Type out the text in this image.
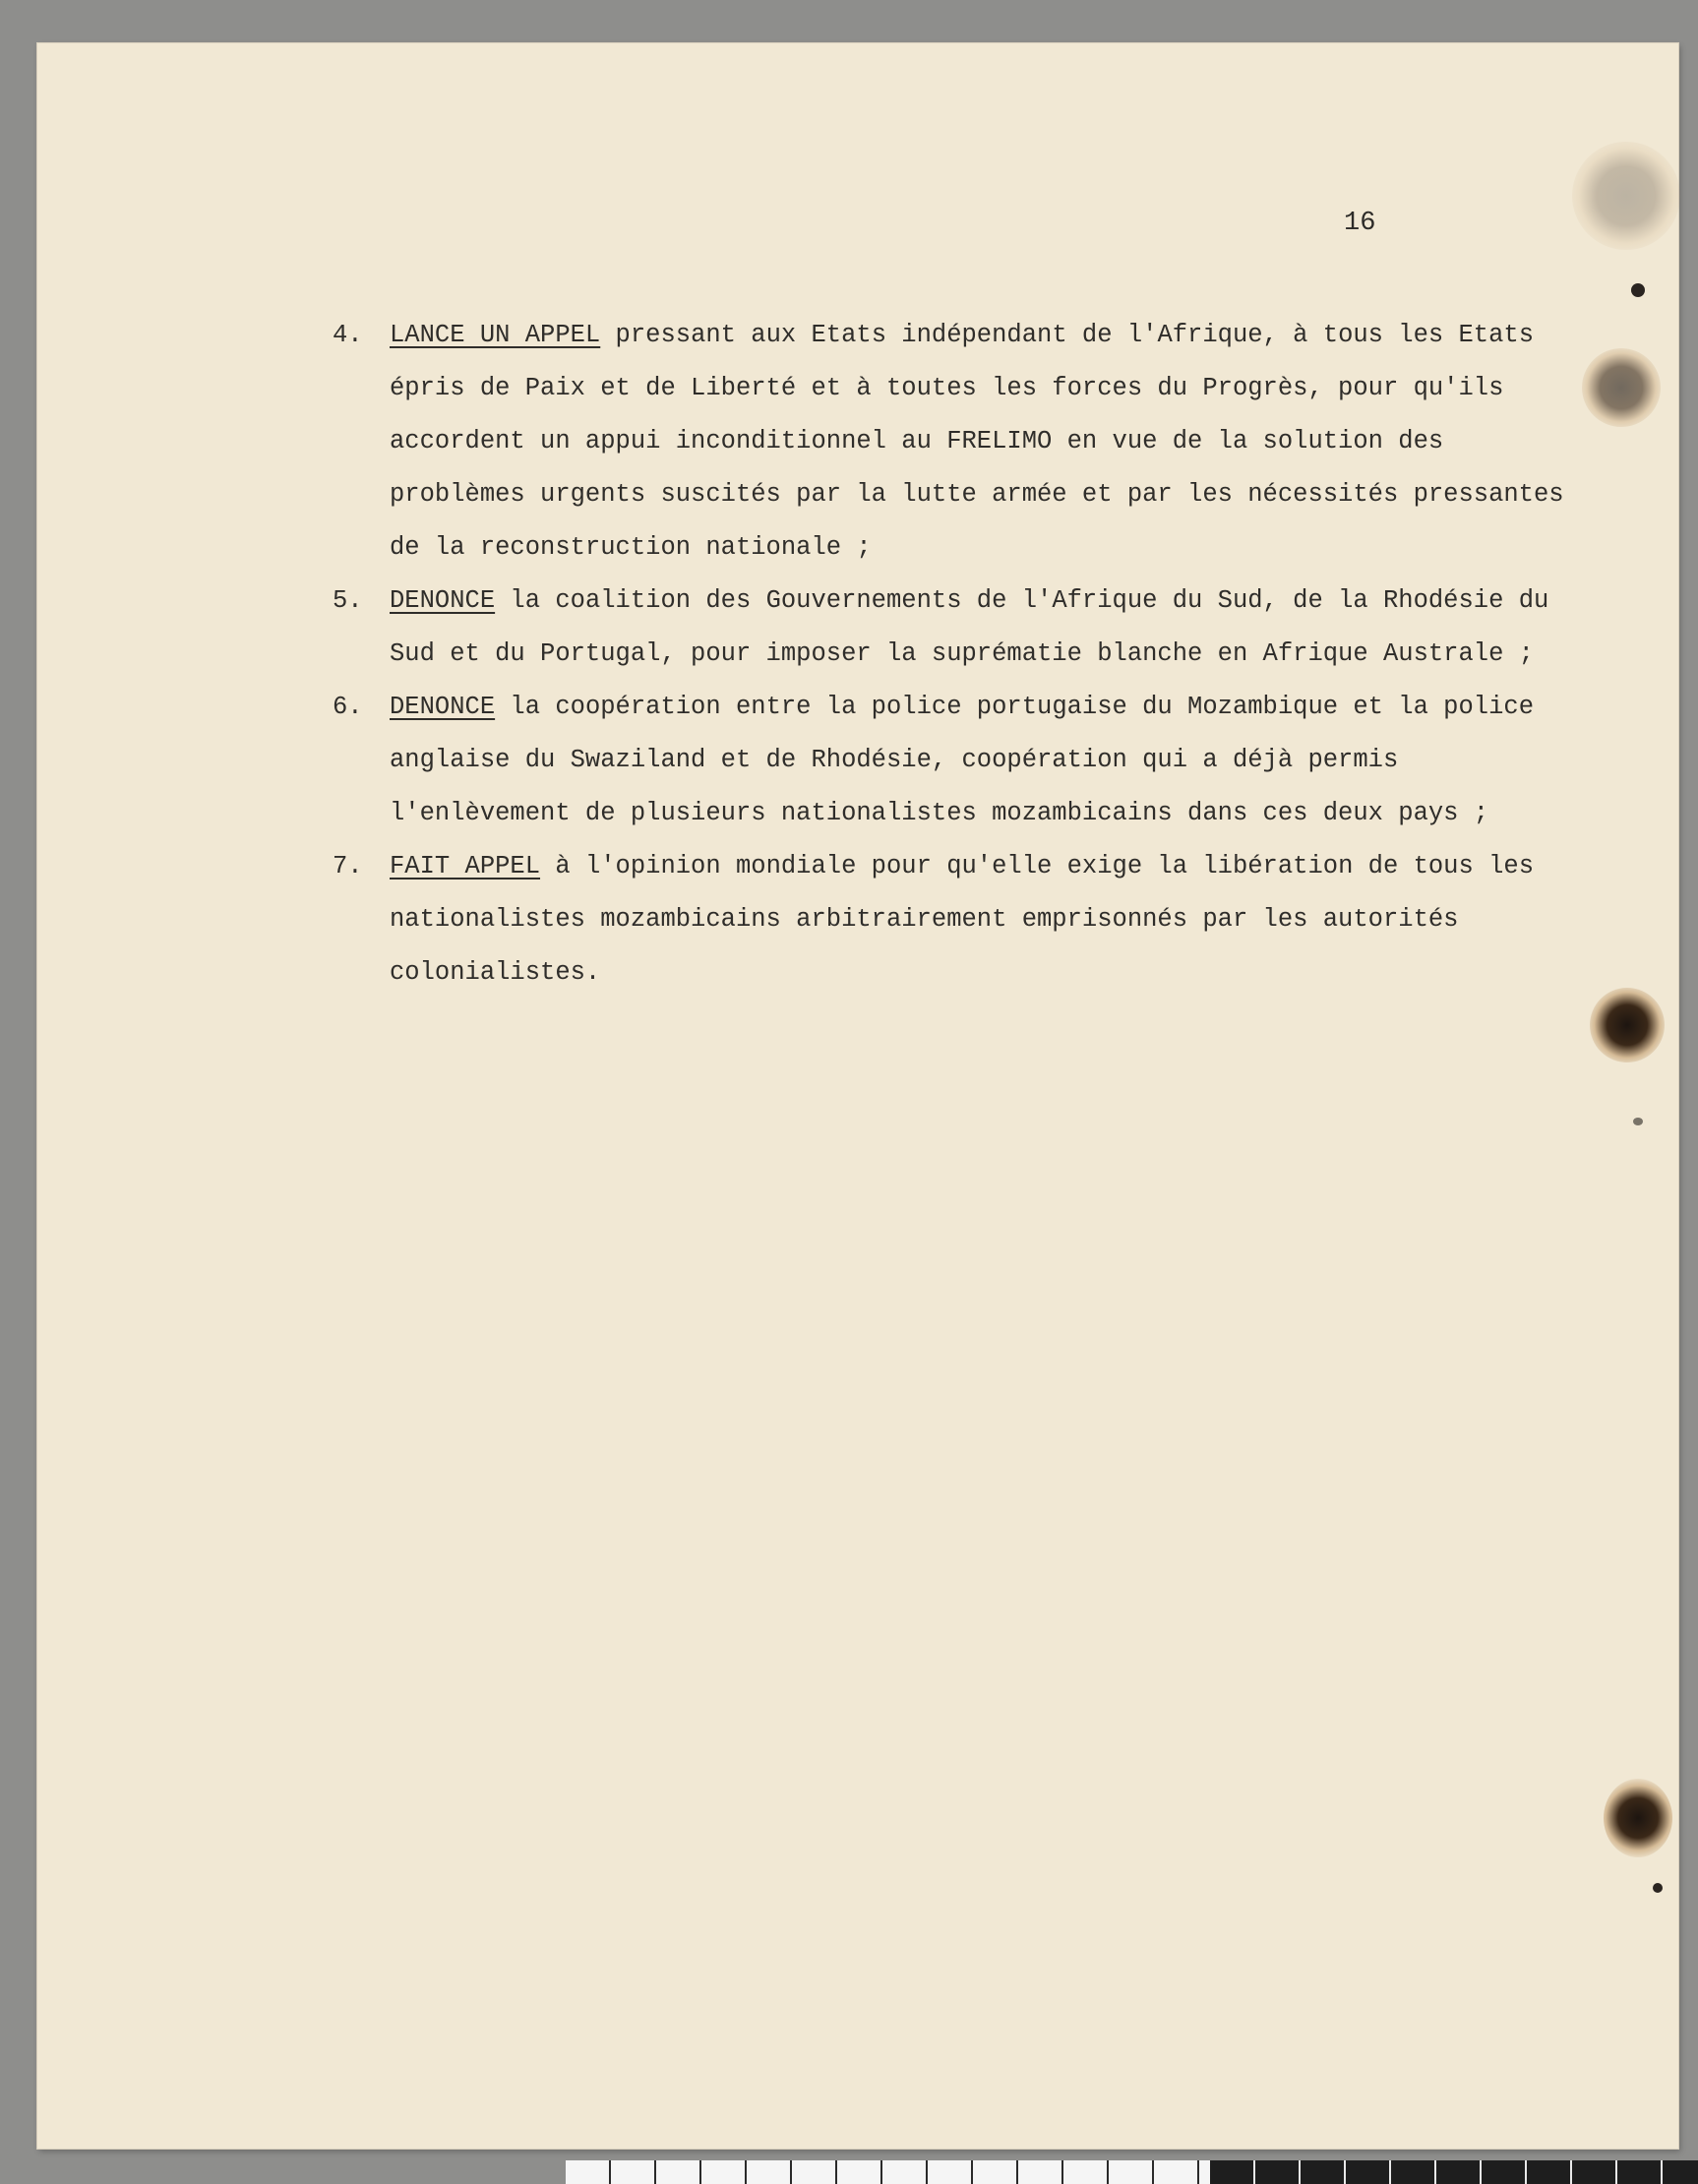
16
4. LANCE UN APPEL pressant aux Etats indépendant de l'Afrique, à tous les Etats épris de Paix et de Liberté et à toutes les forces du Progrès, pour qu'ils accordent un appui inconditionnel au FRELIMO en vue de la solution des problèmes urgents suscités par la lutte armée et par les nécessités pressantes de la reconstruction nationale ;
5. DENONCE la coalition des Gouvernements de l'Afrique du Sud, de la Rhodésie du Sud et du Portugal, pour imposer la suprématie blanche en Afrique Australe ;
6. DENONCE la coopération entre la police portugaise du Mozambique et la police anglaise du Swaziland et de Rhodésie, coopération qui a déjà permis l'enlèvement de plusieurs nationalistes mozambicains dans ces deux pays ;
7. FAIT APPEL à l'opinion mondiale pour qu'elle exige la libération de tous les nationalistes mozambicains arbitrairement emprisonnés par les autorités colonialistes.
